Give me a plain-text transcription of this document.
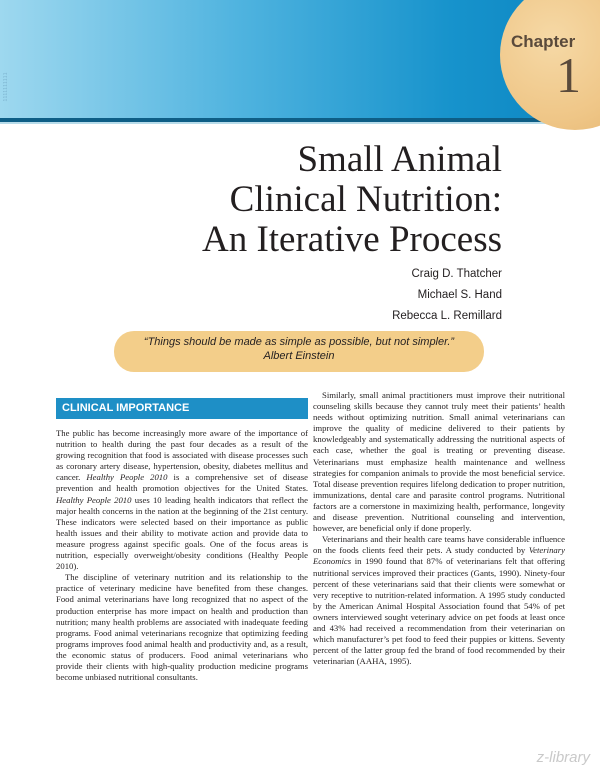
1111111111
Chapter
1
Small Animal
Clinical Nutrition:
An Iterative Process
Craig D. Thatcher
Michael S. Hand
Rebecca L. Remillard
“Things should be made as simple as possible, but not simpler.”
Albert Einstein
CLINICAL IMPORTANCE

The public has become increasingly more aware of the importance of nutrition to health during the past four decades as a result of the growing recognition that food is associated with disease processes such as coronary artery disease, hypertension, obesity, diabetes mellitus and cancer. Healthy People 2010 is a comprehensive set of disease prevention and health promotion objectives for the United States. Healthy People 2010 uses 10 leading health indicators that reflect the major health concerns in the nation at the beginning of the 21st century. These indicators were selected based on their importance as public health issues and their ability to motivate action and provide data to measure progress against specific goals. One of the focus areas is nutrition, especially overweight/obesity conditions (Healthy People 2010).

The discipline of veterinary nutrition and its relationship to the practice of veterinary medicine have benefited from these changes. Food animal veterinarians have long recognized that no aspect of the production enterprise has more impact on health and production than nutrition; many health problems are associated with inadequate feeding programs. Food animal veterinarians recognize that optimizing feeding programs improves food animal health and productivity and, as a result, the economic status of producers. Food animal veterinarians who provide their clients with high-quality production medicine programs become unbiased nutritional consultants.

Similarly, small animal practitioners must improve their nutritional counseling skills because they cannot truly meet their patients’ health needs without optimizing nutrition. Small animal veterinarians can improve the quality of medicine delivered to their patients by knowledgeably and systematically addressing the nutritional aspects of each case, whether the goal is treating or preventing disease. Veterinarians must emphasize health maintenance and wellness strategies for companion animals to provide the most beneficial service. Total disease prevention requires lifelong dedication to proper nutrition, immunizations, dental care and parasite control programs. Nutritional factors are a cornerstone in maximizing health, performance, longevity and disease prevention. Nutritional counseling and intervention, however, are beneficial only if done properly.

Veterinarians and their health care teams have considerable influence on the foods clients feed their pets. A study conducted by Veterinary Economics in 1990 found that 87% of veterinarians felt that offering nutritional services improved their practices (Gants, 1990). Ninety-four percent of these veterinarians said that their clients were somewhat or very receptive to nutrition-related information. A 1995 study conducted by the American Animal Hospital Association found that 54% of pet owners interviewed sought veterinary advice on pet foods at least once and 43% had received a recommendation from their veterinarian on which manufacturer’s pet food to feed their puppies or kittens. Seventy percent of the latter group fed the brand of food recommended by their veterinarian (AAHA, 1995).

z-library
